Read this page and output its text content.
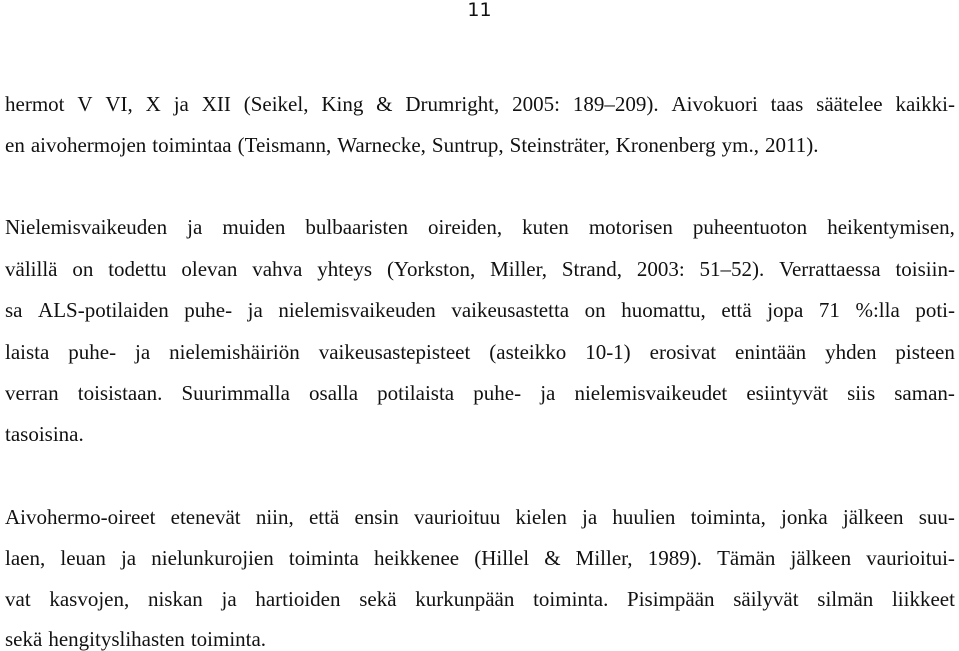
11
hermot V VI, X ja XII (Seikel, King & Drumright, 2005: 189–209). Aivokuori taas säätelee kaikki-
en aivohermojen toimintaa (Teismann, Warnecke, Suntrup, Steinsträter, Kronenberg ym., 2011).
Nielemisvaikeuden ja muiden bulbaaristen oireiden, kuten motorisen puheentuoton heikentymisen,
välillä on todettu olevan vahva yhteys (Yorkston, Miller, Strand, 2003: 51–52). Verrattaessa toisiin-
sa ALS-potilaiden puhe- ja nielemisvaikeuden vaikeusastetta on huomattu, että jopa 71 %:lla poti-
laista puhe- ja nielemishäiriön vaikeusastepisteet (asteikko 10-1) erosivat enintään yhden pisteen
verran toisistaan. Suurimmalla osalla potilaista puhe- ja nielemisvaikeudet esiintyvät siis saman-
tasoisina.
Aivohermo-oireet etenevät niin, että ensin vaurioituu kielen ja huulien toiminta, jonka jälkeen suu-
laen, leuan ja nielunkurojien toiminta heikkenee (Hillel & Miller, 1989). Tämän jälkeen vaurioitui-
vat kasvojen, niskan ja hartioiden sekä kurkunpään toiminta. Pisimpään säilyvät silmän liikkeet
sekä hengityslihasten toiminta.
